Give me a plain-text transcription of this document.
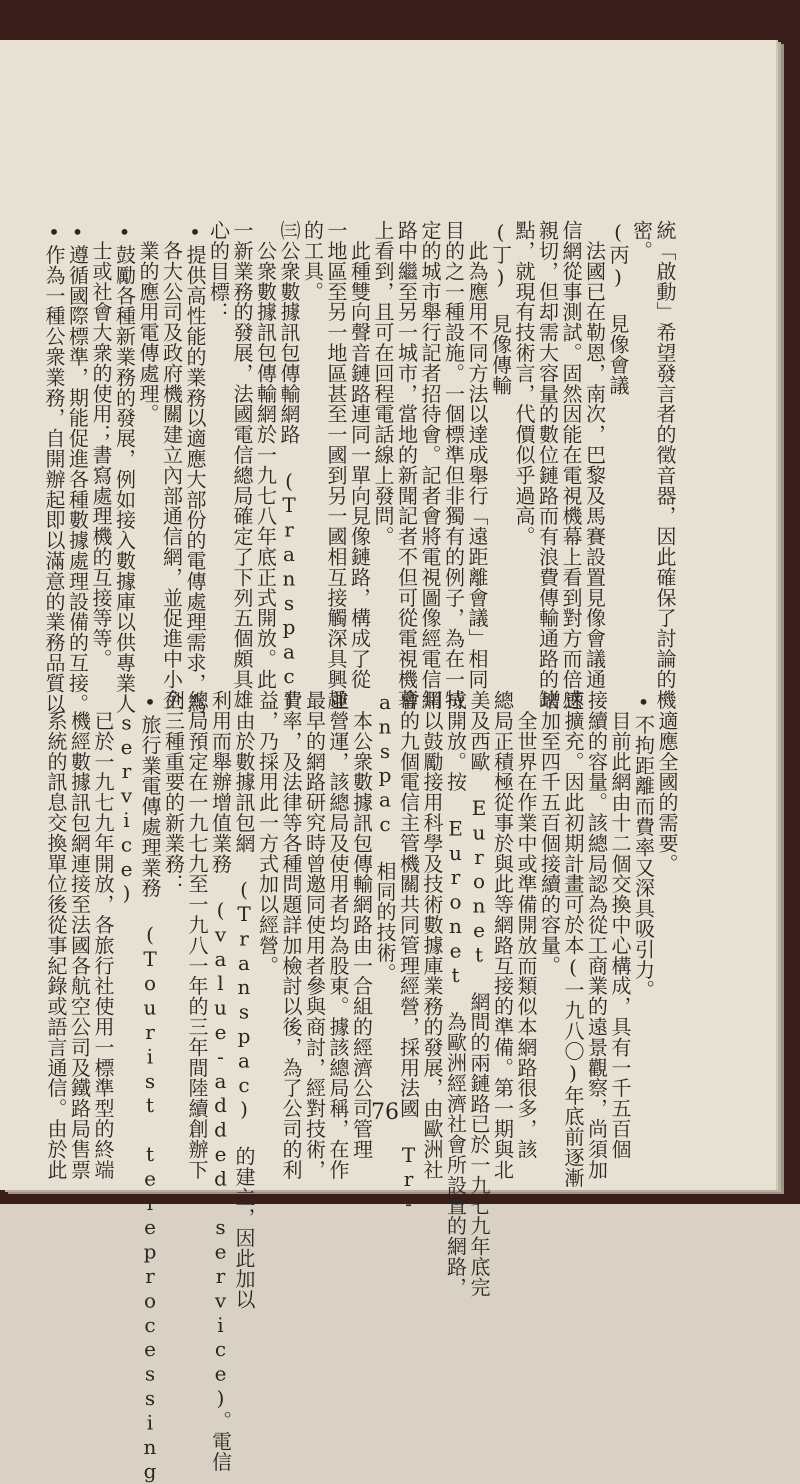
統「啟動」希望發言者的徵音器，因此確保了討論的機
密。
(丙) 見像會議
　法國已在勒恩，南次，巴黎及馬賽設置見像會議通
信網從事測試。固然因能在電視機幕上看到對方而倍感
親切，但却需大容量的數位鏈路而有浪費傳輸通路的缺
點，就現有技術言，代價似乎過高。
(丁) 見像傳輸
　此為應用不同方法以達成舉行「遠距離會議」相同
目的之一種設施。一個標準但非獨有的例子，為在一特
定的城市舉行記者招待會。記者會將電視圖像經電信網
路中繼至另一城市，當地的新聞記者不但可從電視機幕
上看到，且可在回程電話線上發問。
　此種雙向聲音鏈路連同一單向見像鏈路，構成了從
一地區至另一地區甚至一國到另一國相互接觸深具興趣
的工具。
㈢公衆數據訊包傳輸網路 (Transpac)
　公衆數據訊包傳輸網於一九七八年底正式開放。此
一新業務的發展，法國電信總局確定了下列五個頗具雄
心的目標：
•提供高性能的業務以適應大部份的電傳處理需求，為
　各大公司及政府機關建立內部通信網，並促進中小企
　業的應用電傳處理。
•鼓勵各種新業務的發展，例如接入數據庫以供專業人
　士或社會大衆的使用；書寫處理機的互接等等。
•遵循國際標準，期能促進各種數據處理設備的互接。
•作為一種公衆業務，自開辦起即以滿意的業務品質以
　適應全國的需要。
•不拘距離而費率又深具吸引力。
　目前此網由十二個交換中心構成，具有一千五百個
接續的容量。該總局認為從工商業的遠景觀察，尚須加
速擴充。因此初期計畫可於本(一九八〇)年底前逐漸
增加至四千五百個接續的容量。
　全世界在作業中或準備開放而類似本網路很多，該
總局正積極從事於與此等網路互接的準備。第一期與北
美及西歐 Euronet 網間的兩鏈路已於一九七九年底完
成開放。按 Euronet 為歐洲經濟社會所設置的網路，
用以鼓勵接用科學及技術數據庫業務的發展，由歐洲社
會的九個電信主管機關共同管理經營，採用法國 Tr-
anspac 相同的技術。
　本公衆數據訊包傳輸網路由一合組的經濟公司管理
並營運，該總局及使用者均為股東。據該總局稱，在作
最早的網路研究時曾邀同使用者參與商討，經對技術，
費率，及法律等各種問題詳加檢討以後，為了公司的利
益，乃採用此一方式加以經營。
　由於數據訊包網 (Transpac) 的建立，因此加以
利用而舉辦增值業務 (value-added service)。電信
總局預定在一九七九至一九八一年的三年間陸續創辦下
列三種重要的新業務：
•旅行業電傳處理業務 (Tourist teleprocessing
　service)
　已於一九七九年開放，各旅行社使用一標準型的終端
　機經數據訊包網連接至法國各航空公司及鐵路局售票
　系統的訊息交換單位後從事紀錄或語言通信。由於此	76
